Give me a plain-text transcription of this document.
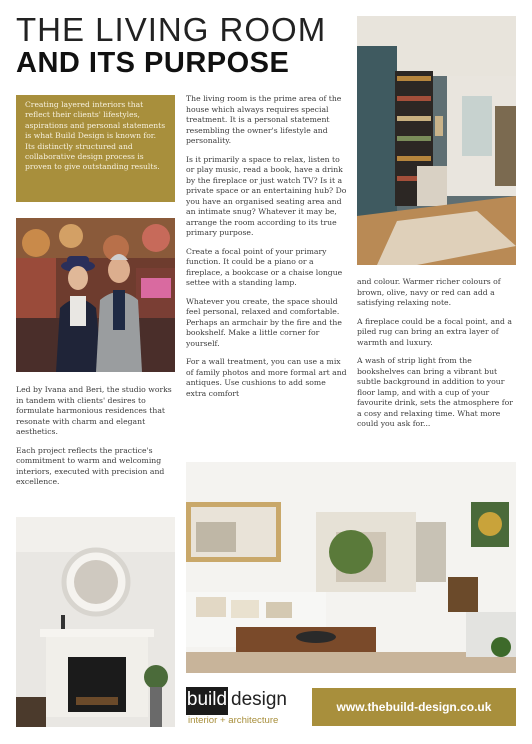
THE LIVING ROOM
AND ITS PURPOSE
Creating layered interiors that reflect their clients' lifestyles, aspirations and personal statements is what Build Design is known for. Its distinctly structured and collaborative design process is proven to give outstanding results.

Led by Ivana and Beri, the studio works in tandem with clients' desires to formulate harmonious residences that resonate with charm and elegant aesthetics.

Each project reflects the practice's commitment to warm and welcoming interiors, executed with precision and excellence.

The living room is the prime area of the house which always requires special treatment. It is a personal statement resembling the owner's lifestyle and personality.

Is it primarily a space to relax, listen to or play music, read a book, have a drink by the fireplace or just watch TV? Is it a private space or an entertaining hub? Do you have an organised seating area and an intimate snug? Whatever it may be, arrange the room according to its true primary purpose.

Create a focal point of your primary function. It could be a piano or a fireplace, a bookcase or a chaise longue settee with a standing lamp.

Whatever you create, the space should feel personal, relaxed and comfortable. Perhaps an armchair by the fire and the bookshelf. Make a little corner for yourself.

For a wall treatment, you can use a mix of family photos and more formal art and antiques. Use cushions to add some extra comfort

and colour. Warmer richer colours of brown, olive, navy or red can add a satisfying relaxing note.

A fireplace could be a focal point, and a piled rug can bring an extra layer of warmth and luxury.

A wash of strip light from the bookshelves can bring a vibrant but subtle background in addition to your floor lamp, and with a cup of your favourite drink, sets the atmosphere for a cosy and relaxing time. What more could you ask for...

build design
interior + architecture
www.thebuild-design.co.uk
